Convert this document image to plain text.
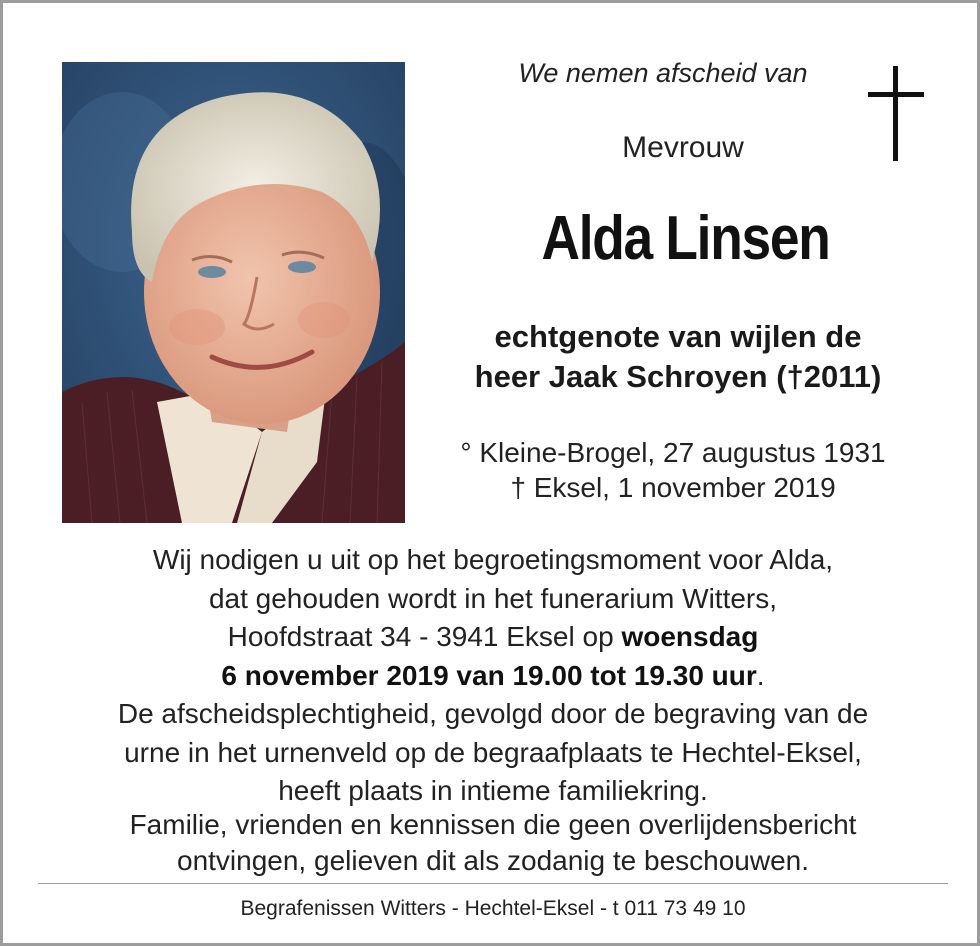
We nemen afscheid van
Mevrouw
Alda Linsen
echtgenote van wijlen de
heer Jaak Schroyen (†2011)
° Kleine-Brogel, 27 augustus 1931
† Eksel, 1 november 2019
Wij nodigen u uit op het begroetingsmoment voor Alda,
dat gehouden wordt in het funerarium Witters,
Hoofdstraat 34 - 3941 Eksel op woensdag
6 november 2019 van 19.00 tot 19.30 uur.
De afscheidsplechtigheid, gevolgd door de begraving van de
urne in het urnenveld op de begraafplaats te Hechtel-Eksel,
heeft plaats in intieme familiekring.
Familie, vrienden en kennissen die geen overlijdensbericht
ontvingen, gelieven dit als zodanig te beschouwen.
Begrafenissen Witters - Hechtel-Eksel - t 011 73 49 10
